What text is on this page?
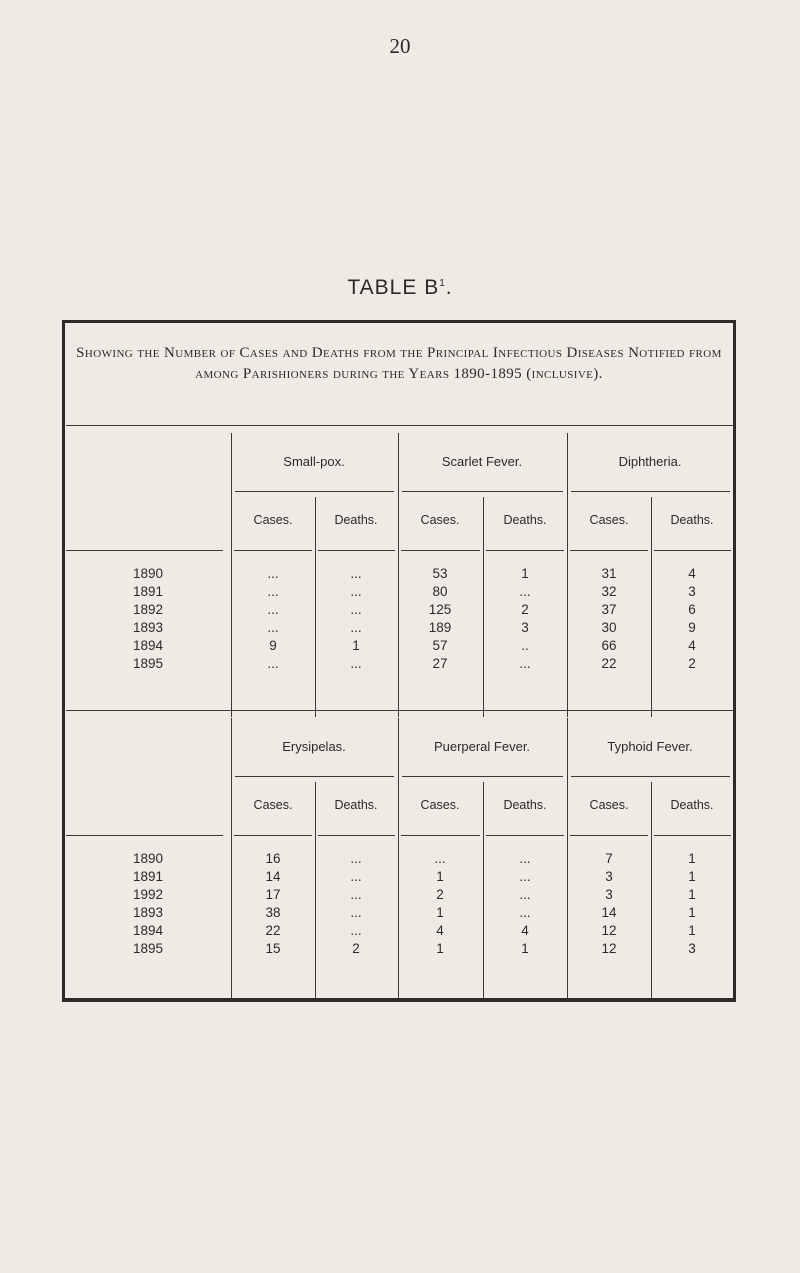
20
TABLE $B^1$.
Showing the Number of Cases and Deaths from the Principal Infectious Diseases Notified from among Parishioners during the Years 1890-1895 (inclusive).
Small-pox.	Scarlet Fever.	Diphtheria.
Cases.	Deaths.	Cases.	Deaths.	Cases.	Deaths.
1890	...	...	53	1	31	4
1891	...	...	80	...	32	3
1892	...	...	125	2	37	6
1893	...	...	189	3	30	9
1894	9	1	57	..	66	4
1895	...	...	27	...	22	2
Erysipelas.	Puerperal Fever.	Typhoid Fever.
Cases.	Deaths.	Cases.	Deaths.	Cases.	Deaths.
1890	16	...	...	...	7	1
1891	14	...	1	...	3	1
1992	17	...	2	...	3	1
1893	38	...	1	...	14	1
1894	22	...	4	4	12	1
1895	15	2	1	1	12	3
